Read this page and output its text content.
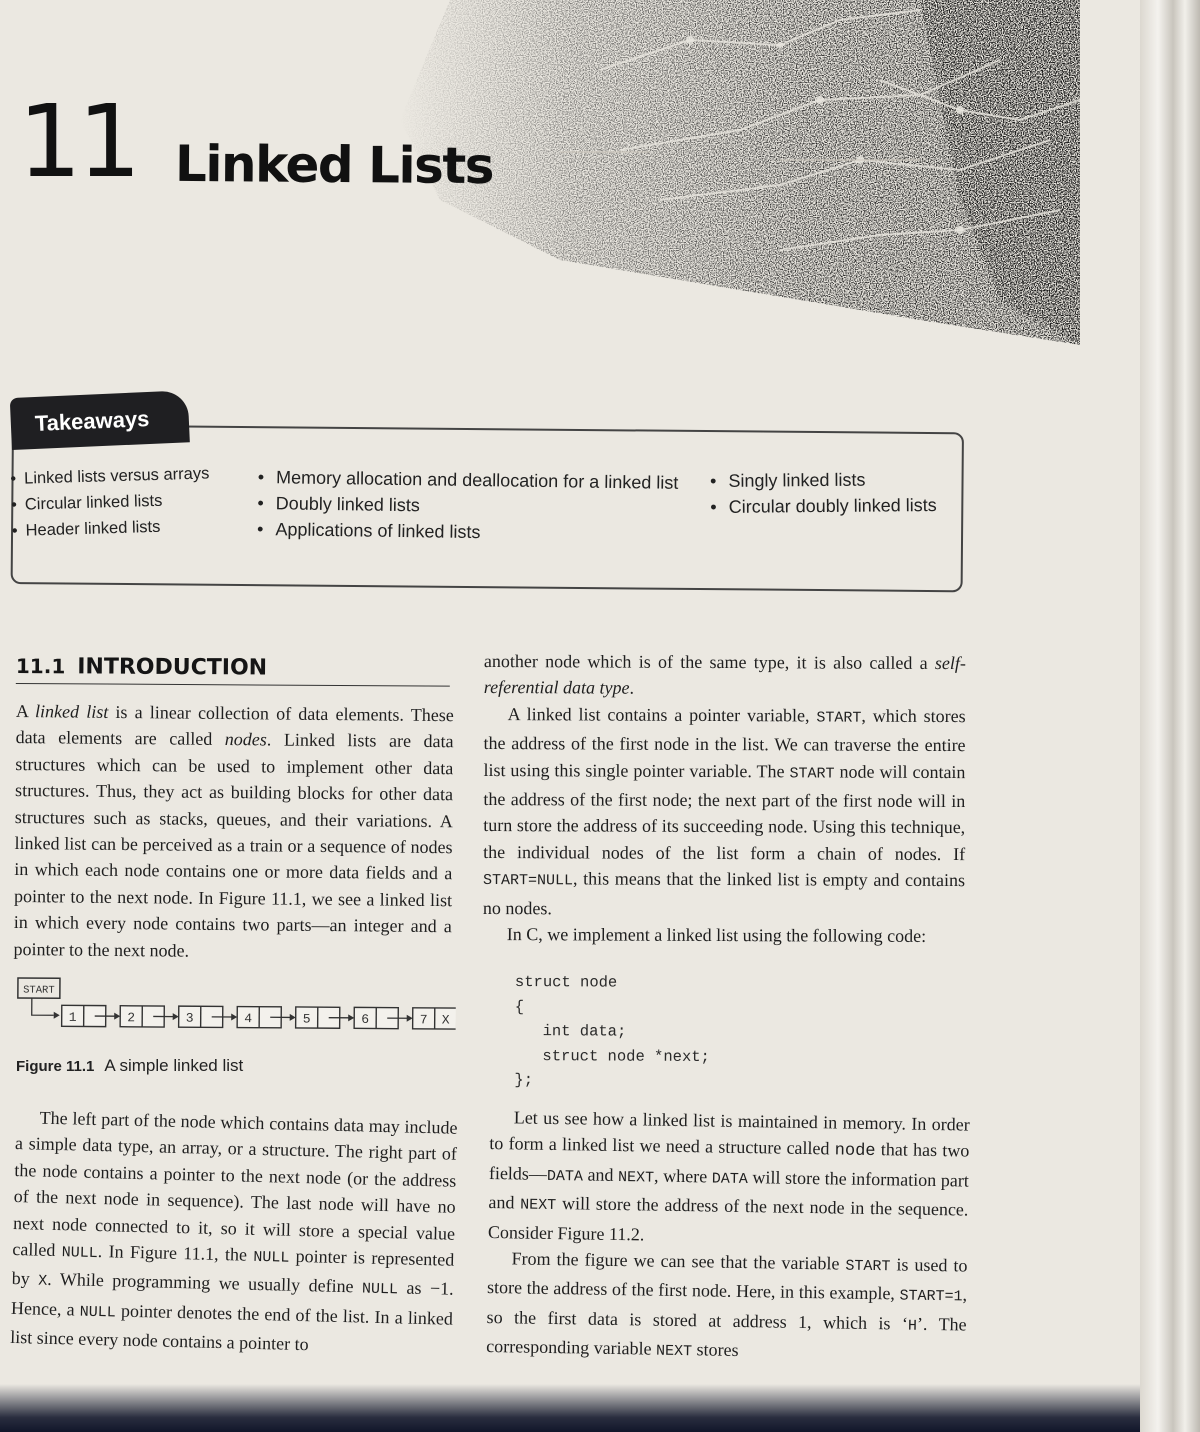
11 Linked Lists
Takeaways
• Linked lists versus arrays
• Circular linked lists
• Header linked lists
• Memory allocation and deallocation for a linked list
• Doubly linked lists
• Applications of linked lists
• Singly linked lists
• Circular doubly linked lists
11.1 INTRODUCTION

A linked list is a linear collection of data elements. These data elements are called nodes. Linked lists are data structures which can be used to implement other data structures. Thus, they act as building blocks for other data structures such as stacks, queues, and their variations. A linked list can be perceived as a train or a sequence of nodes in which each node contains one or more data fields and a pointer to the next node. In Figure 11.1, we see a linked list in which every node contains two parts—an integer and a pointer to the next node.

START
1	2	3	4	5	6	7 X
Figure 11.1 A simple linked list

The left part of the node which contains data may include a simple data type, an array, or a structure. The right part of the node contains a pointer to the next node (or the address of the next node in sequence). The last node will have no next node connected to it, so it will store a special value called NULL. In Figure 11.1, the NULL pointer is represented by X. While programming we usually define NULL as −1. Hence, a NULL pointer denotes the end of the list. In a linked list since every node contains a pointer to

another node which is of the same type, it is also called a self-referential data type.

A linked list contains a pointer variable, START, which stores the address of the first node in the list. We can traverse the entire list using this single pointer variable. The START node will contain the address of the first node; the next part of the first node will in turn store the address of its succeeding node. Using this technique, the individual nodes of the list form a chain of nodes. If START=NULL, this means that the linked list is empty and contains no nodes.

In C, we implement a linked list using the following code:

struct node
{
int data;
struct node *next;
};

Let us see how a linked list is maintained in memory. In order to form a linked list we need a structure called node that has two fields—DATA and NEXT, where DATA will store the information part and NEXT will store the address of the next node in the sequence. Consider Figure 11.2.

From the figure we can see that the variable START is used to store the address of the first node. Here, in this example, START=1, so the first data is stored at address 1, which is ‘H’. The corresponding variable NEXT stores
